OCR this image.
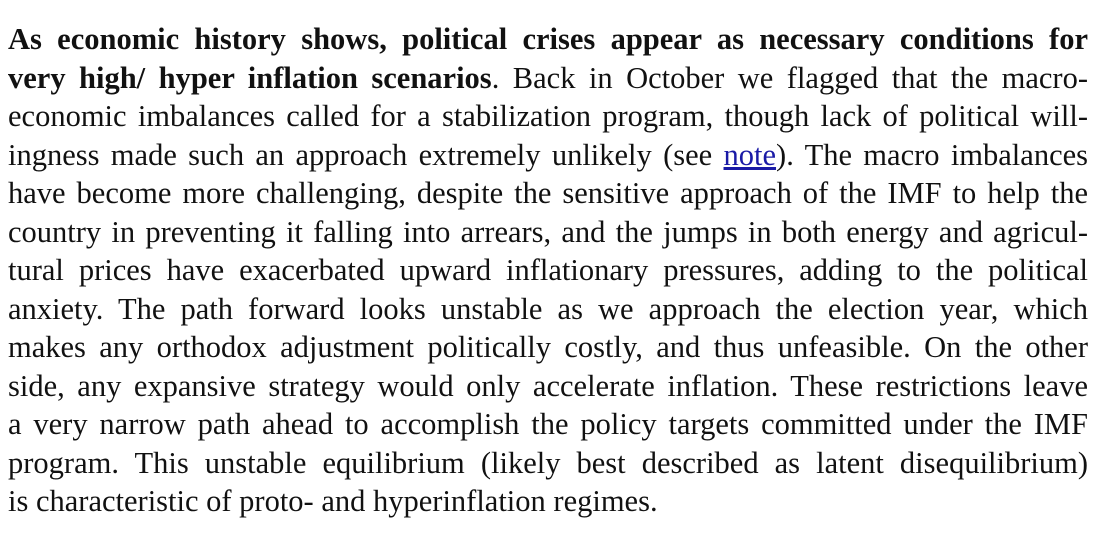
As economic history shows, political crises appear as necessary conditions for
very high/ hyper inflation scenarios. Back in October we flagged that the macro-
economic imbalances called for a stabilization program, though lack of political will-
ingness made such an approach extremely unlikely (see note). The macro imbalances
have become more challenging, despite the sensitive approach of the IMF to help the
country in preventing it falling into arrears, and the jumps in both energy and agricul-
tural prices have exacerbated upward inflationary pressures, adding to the political
anxiety. The path forward looks unstable as we approach the election year, which
makes any orthodox adjustment politically costly, and thus unfeasible. On the other
side, any expansive strategy would only accelerate inflation. These restrictions leave
a very narrow path ahead to accomplish the policy targets committed under the IMF
program. This unstable equilibrium (likely best described as latent disequilibrium)
is characteristic of proto- and hyperinflation regimes.
